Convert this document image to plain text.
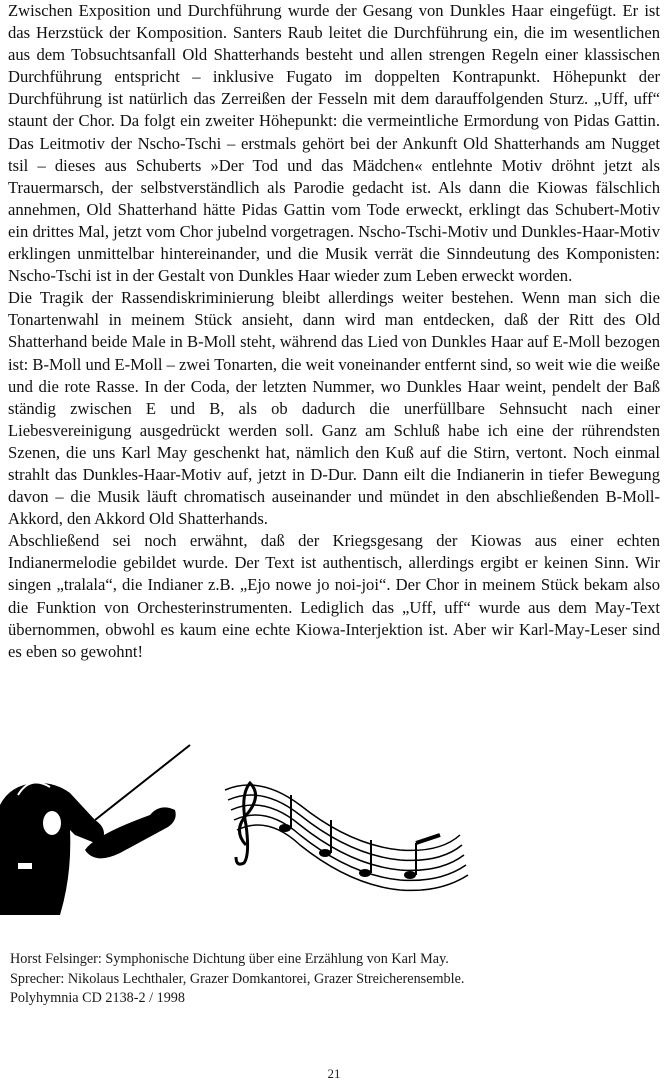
Zwischen Exposition und Durchführung wurde der Gesang von Dunkles Haar eingefügt. Er ist das Herzstück der Komposition. Santers Raub leitet die Durchführung ein, die im wesentlichen aus dem Tobsuchtsanfall Old Shatterhands besteht und allen strengen Regeln einer klassischen Durchführung entspricht – inklusive Fugato im doppelten Kontrapunkt. Höhepunkt der Durchführung ist natürlich das Zerreißen der Fesseln mit dem darauffolgenden Sturz. „Uff, uff“ staunt der Chor. Da folgt ein zweiter Höhepunkt: die vermeintliche Ermordung von Pidas Gattin. Das Leitmotiv der Nscho-Tschi – erstmals gehört bei der Ankunft Old Shatterhands am Nugget tsil – dieses aus Schuberts »Der Tod und das Mädchen« entlehnte Motiv dröhnt jetzt als Trauermarsch, der selbstverständlich als Parodie gedacht ist. Als dann die Kiowas fälschlich annehmen, Old Shatterhand hätte Pidas Gattin vom Tode erweckt, erklingt das Schubert-Motiv ein drittes Mal, jetzt vom Chor jubelnd vorgetragen. Nscho-Tschi-Motiv und Dunkles-Haar-Motiv erklingen unmittelbar hintereinander, und die Musik verrät die Sinndeutung des Komponisten: Nscho-Tschi ist in der Gestalt von Dunkles Haar wieder zum Leben erweckt worden.

Die Tragik der Rassendiskriminierung bleibt allerdings weiter bestehen. Wenn man sich die Tonartenwahl in meinem Stück ansieht, dann wird man entdecken, daß der Ritt des Old Shatterhand beide Male in B-Moll steht, während das Lied von Dunkles Haar auf E-Moll bezogen ist: B-Moll und E-Moll – zwei Tonarten, die weit voneinander entfernt sind, so weit wie die weiße und die rote Rasse. In der Coda, der letzten Nummer, wo Dunkles Haar weint, pendelt der Baß ständig zwischen E und B, als ob dadurch die unerfüllbare Sehnsucht nach einer Liebesvereinigung ausgedrückt werden soll. Ganz am Schluß habe ich eine der rührendsten Szenen, die uns Karl May geschenkt hat, nämlich den Kuß auf die Stirn, vertont. Noch einmal strahlt das Dunkles-Haar-Motiv auf, jetzt in D-Dur. Dann eilt die Indianerin in tiefer Bewegung davon – die Musik läuft chromatisch auseinander und mündet in den abschließenden B-Moll-Akkord, den Akkord Old Shatterhands.

Abschließend sei noch erwähnt, daß der Kriegsgesang der Kiowas aus einer echten Indianermelodie gebildet wurde. Der Text ist authentisch, allerdings ergibt er keinen Sinn. Wir singen „tralala“, die Indianer z.B. „Ejo nowe jo noi-joi“. Der Chor in meinem Stück bekam also die Funktion von Orchesterinstrumenten. Lediglich das „Uff, uff“ wurde aus dem May-Text übernommen, obwohl es kaum eine echte Kiowa-Interjektion ist. Aber wir Karl-May-Leser sind es eben so gewohnt!

Horst Felsinger: Symphonische Dichtung über eine Erzählung von Karl May.
Sprecher: Nikolaus Lechthaler, Grazer Domkantorei, Grazer Streicherensemble.
Polyhymnia CD 2138-2 / 1998
21
